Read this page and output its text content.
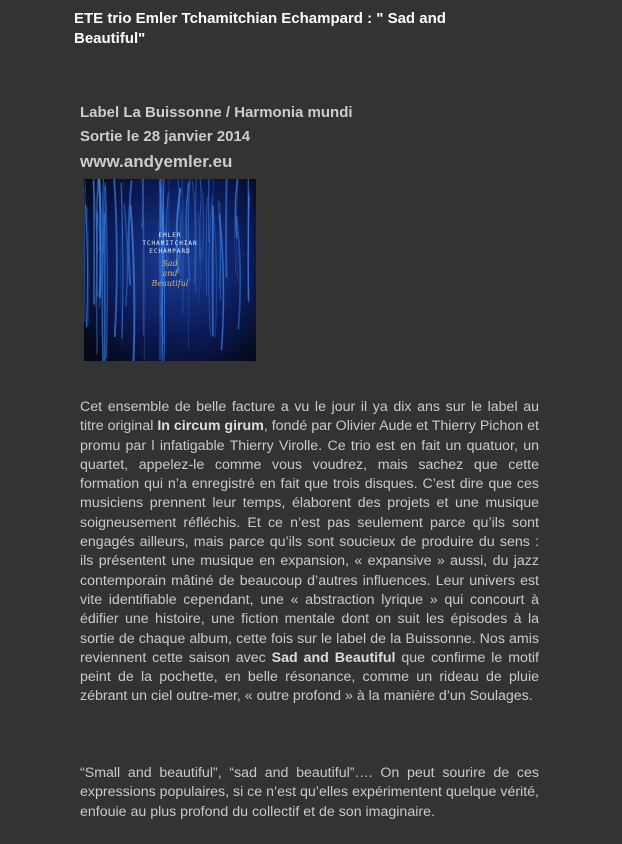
ETE trio Emler Tchamitchian Echampard : " Sad and Beautiful"

Label La Buissonne / Harmonia mundi

Sortie le 28 janvier 2014

www.andyemler.eu
EMLER
TCHAMITCHIAN
ECHAMPARD
Sad
and
Beautiful

Cet ensemble de belle facture a vu le jour il ya dix ans sur le label au titre original In circum girum, fondé par Olivier Aude et Thierry Pichon et promu par l infatigable Thierry Virolle. Ce trio est en fait un quatuor, un quartet, appelez-le comme vous voudrez, mais sachez que cette formation qui n’a enregistré en fait que trois disques. C’est dire que ces musiciens prennent leur temps, élaborent des projets et une musique soigneusement réfléchis. Et ce n’est pas seulement parce qu’ils sont engagés ailleurs, mais parce qu’ils sont soucieux de produire du sens : ils présentent une musique en expansion, « expansive » aussi, du jazz contemporain mâtiné de beaucoup d’autres influences. Leur univers est vite identifiable cependant, une « abstraction lyrique » qui concourt à édifier une histoire, une fiction mentale dont on suit les épisodes à la sortie de chaque album, cette fois sur le label de la Buissonne. Nos amis reviennent cette saison avec Sad and Beautiful que confirme le motif peint de la pochette, en belle résonance, comme un rideau de pluie zébrant un ciel outre-mer, « outre profond » à la manière d’un Soulages.

“Small and beautiful”, “sad and beautiful”…. On peut sourire de ces expressions populaires, si ce n’est qu’elles expérimentent quelque vérité, enfouie au plus profond du collectif et de son imaginaire.
